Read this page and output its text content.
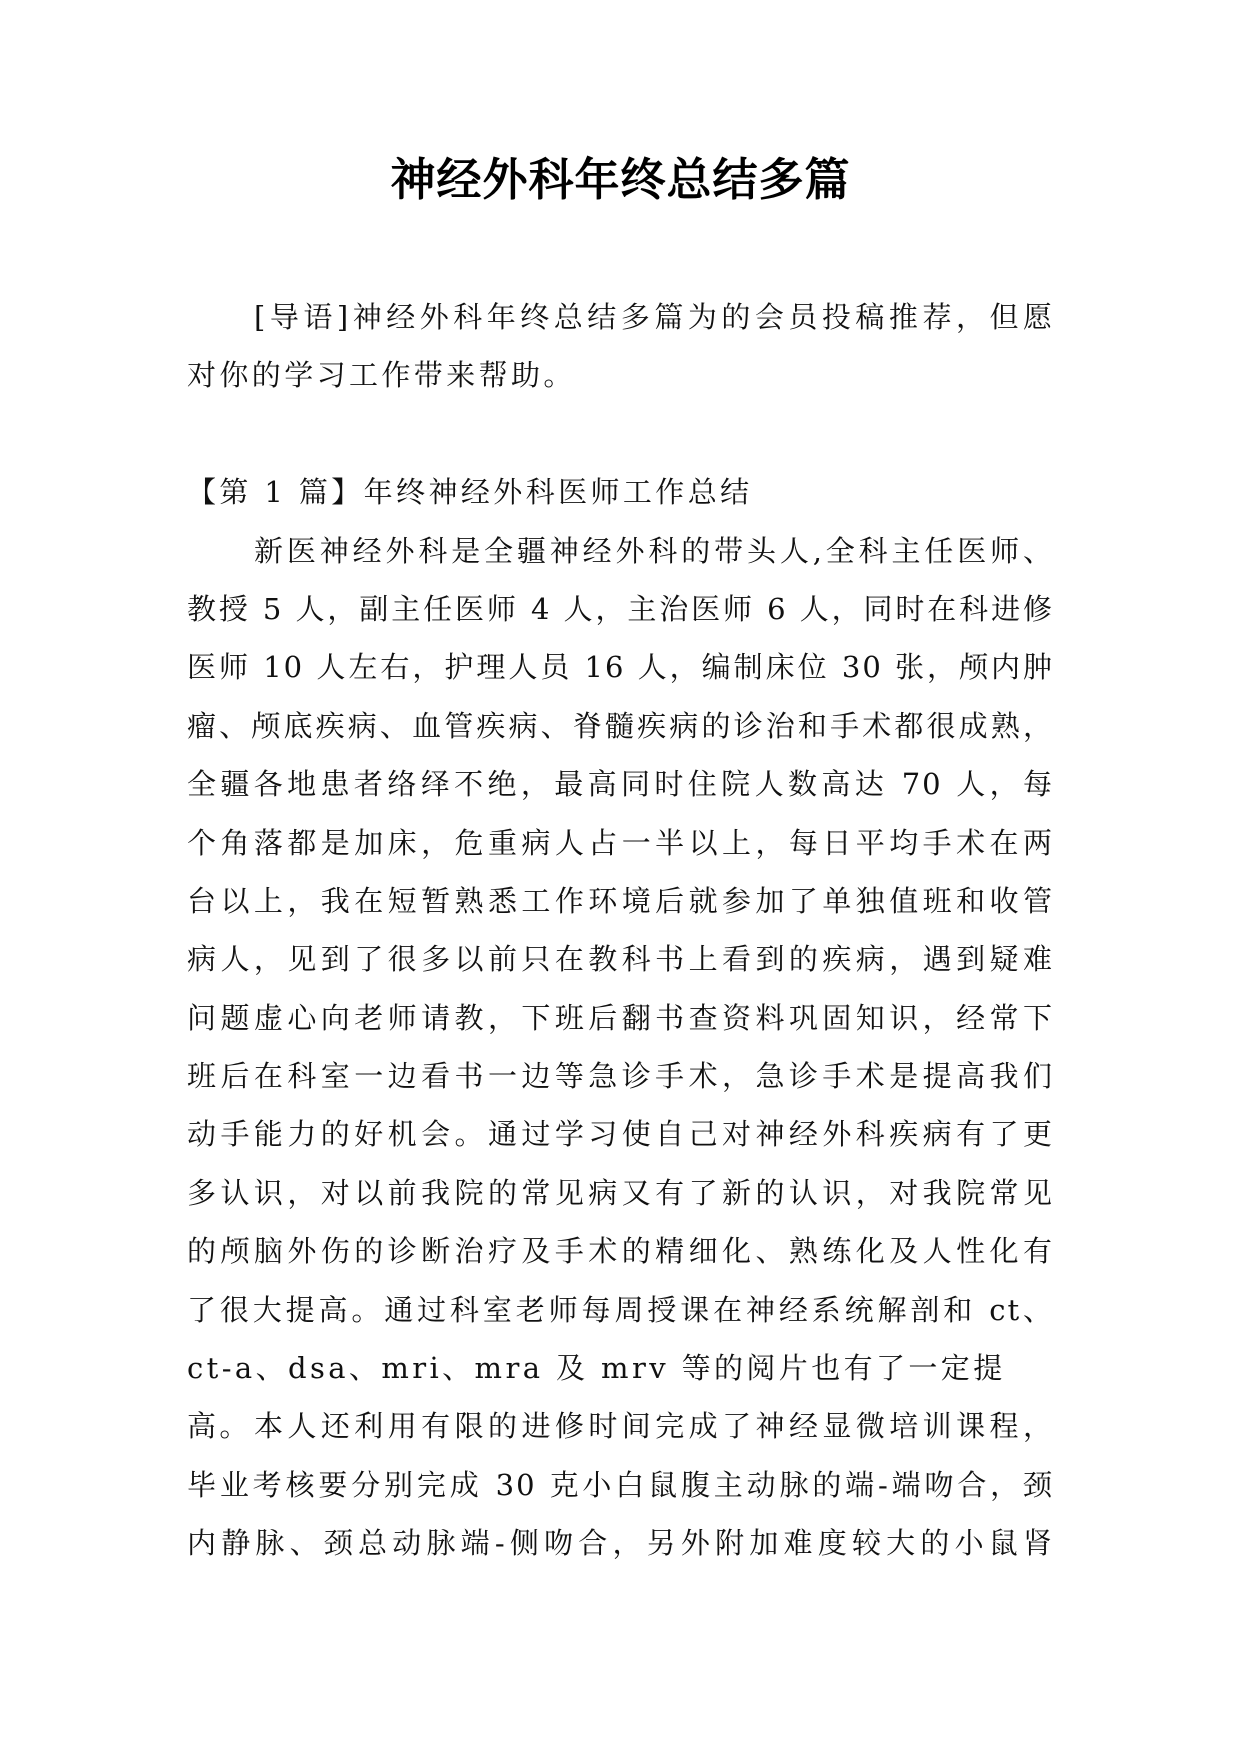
神经外科年终总结多篇
[导语]神经外科年终总结多篇为的会员投稿推荐，但愿
对你的学习工作带来帮助。
【第 1 篇】年终神经外科医师工作总结
新医神经外科是全疆神经外科的带头人,全科主任医师、
教授 5 人，副主任医师 4 人，主治医师 6 人，同时在科进修
医师 10 人左右，护理人员 16 人，编制床位 30 张，颅内肿
瘤、颅底疾病、血管疾病、脊髓疾病的诊治和手术都很成熟，
全疆各地患者络绎不绝，最高同时住院人数高达 70 人，每
个角落都是加床，危重病人占一半以上，每日平均手术在两
台以上，我在短暂熟悉工作环境后就参加了单独值班和收管
病人，见到了很多以前只在教科书上看到的疾病，遇到疑难
问题虚心向老师请教，下班后翻书查资料巩固知识，经常下
班后在科室一边看书一边等急诊手术，急诊手术是提高我们
动手能力的好机会。通过学习使自己对神经外科疾病有了更
多认识，对以前我院的常见病又有了新的认识，对我院常见
的颅脑外伤的诊断治疗及手术的精细化、熟练化及人性化有
了很大提高。通过科室老师每周授课在神经系统解剖和 ct、
ct-a、dsa、mri、mra 及 mrv 等的阅片也有了一定提高。 本人还利用有限的进修时间完成了神经显微培训课程，
毕业考核要分别完成 30 克小白鼠腹主动脉的端-端吻合，颈
内静脉、颈总动脉端-侧吻合，另外附加难度较大的小鼠肾
